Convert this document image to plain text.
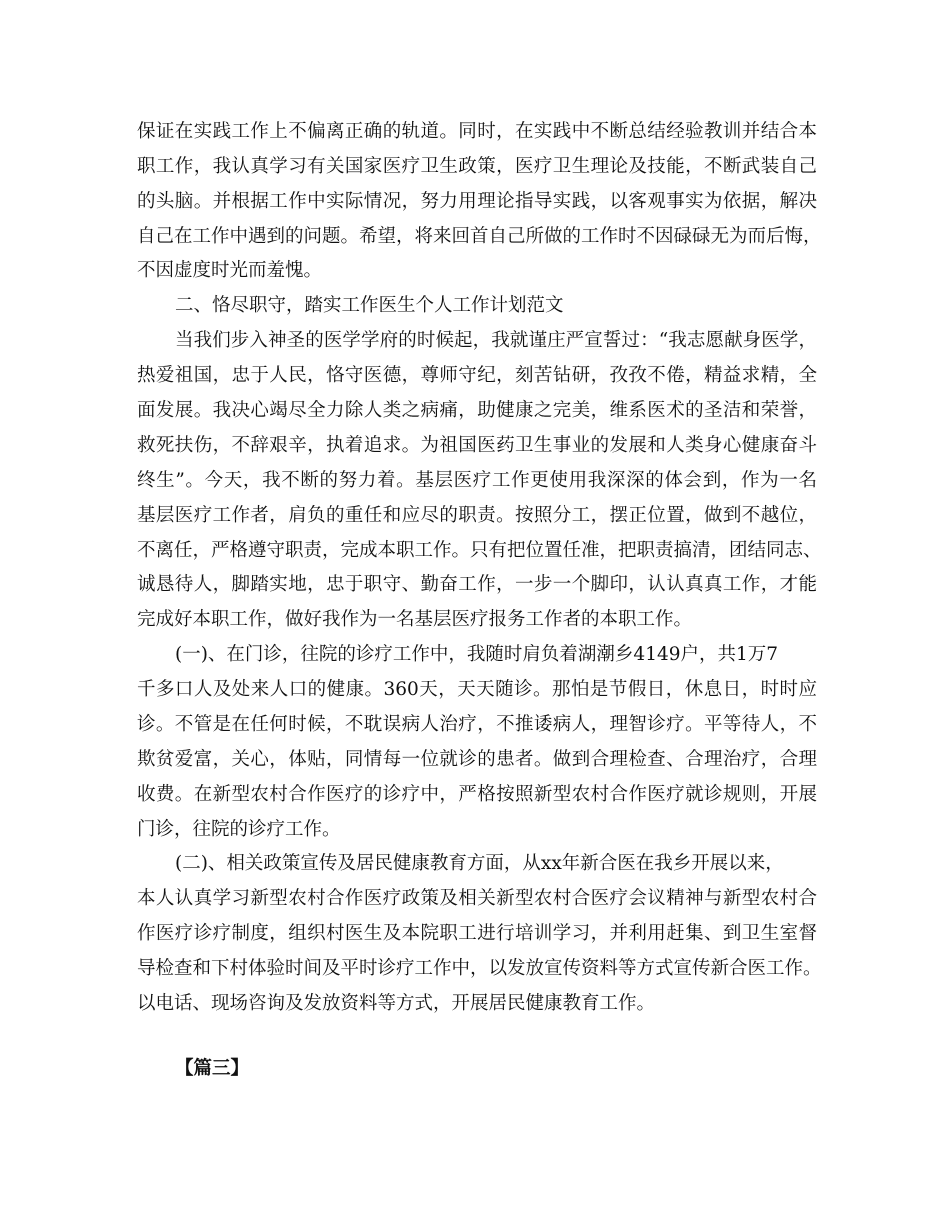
保证在实践工作上不偏离正确的轨道。同时，在实践中不断总结经验教训并结合本
职工作，我认真学习有关国家医疗卫生政策，医疗卫生理论及技能，不断武装自己
的头脑。并根据工作中实际情况，努力用理论指导实践，以客观事实为依据，解决
自己在工作中遇到的问题。希望，将来回首自己所做的工作时不因碌碌无为而后悔，
不因虚度时光而羞愧。
二、恪尽职守，踏实工作医生个人工作计划范文
当我们步入神圣的医学学府的时候起，我就谨庄严宣誓过：“我志愿献身医学，
热爱祖国，忠于人民，恪守医德，尊师守纪，刻苦钻研，孜孜不倦，精益求精，全
面发展。我决心竭尽全力除人类之病痛，助健康之完美，维系医术的圣洁和荣誉，
救死扶伤，不辞艰辛，执着追求。为祖国医药卫生事业的发展和人类身心健康奋斗
终生”。今天，我不断的努力着。基层医疗工作更使用我深深的体会到，作为一名
基层医疗工作者，肩负的重任和应尽的职责。按照分工，摆正位置，做到不越位，
不离任，严格遵守职责，完成本职工作。只有把位置任准，把职责搞清，团结同志、
诚恳待人，脚踏实地，忠于职守、勤奋工作，一步一个脚印，认认真真工作，才能
完成好本职工作，做好我作为一名基层医疗报务工作者的本职工作。
(一)、在门诊，往院的诊疗工作中，我随时肩负着湖潮乡4149户，共1万7
千多口人及处来人口的健康。360天，天天随诊。那怕是节假日，休息日，时时应
诊。不管是在任何时候，不耽误病人治疗，不推诿病人，理智诊疗。平等待人，不
欺贫爱富，关心，体贴，同情每一位就诊的患者。做到合理检查、合理治疗，合理
收费。在新型农村合作医疗的诊疗中，严格按照新型农村合作医疗就诊规则，开展
门诊，往院的诊疗工作。
(二)、相关政策宣传及居民健康教育方面，从xx年新合医在我乡开展以来，
本人认真学习新型农村合作医疗政策及相关新型农村合医疗会议精神与新型农村合
作医疗诊疗制度，组织村医生及本院职工进行培训学习，并利用赶集、到卫生室督
导检查和下村体验时间及平时诊疗工作中，以发放宣传资料等方式宣传新合医工作。
以电话、现场咨询及发放资料等方式，开展居民健康教育工作。
【篇三】
